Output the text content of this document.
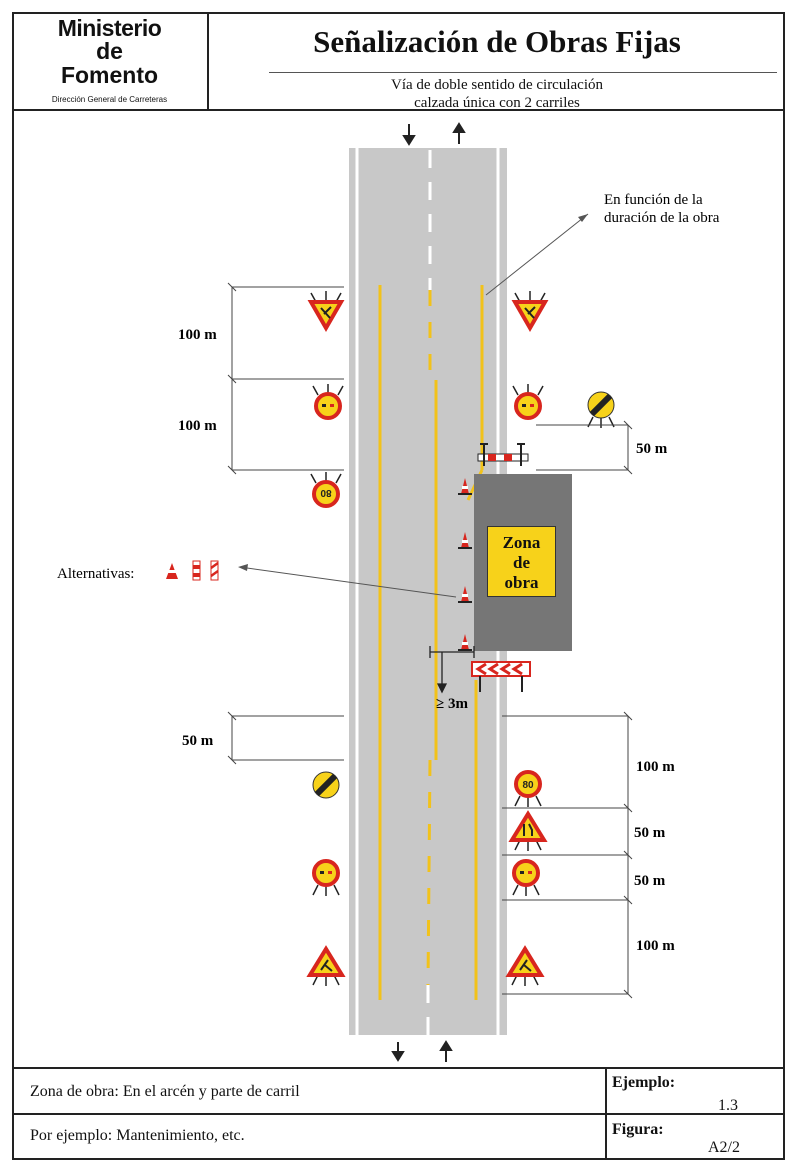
Ministerio
de
Fomento
Dirección General de Carreteras
Señalización de Obras Fijas
Vía de doble sentido de circulación
calzada única con 2 carriles
80
80
100 m
100 m
50 m
50 m
100 m
50 m
50 m
100 m
En función de la
duración de la obra
Alternativas:
≥ 3m
Zona
de
obra
Zona de obra: En el arcén y parte de carril
Por ejemplo: Mantenimiento, etc.
Ejemplo:
1.3
Figura:
A2/2
